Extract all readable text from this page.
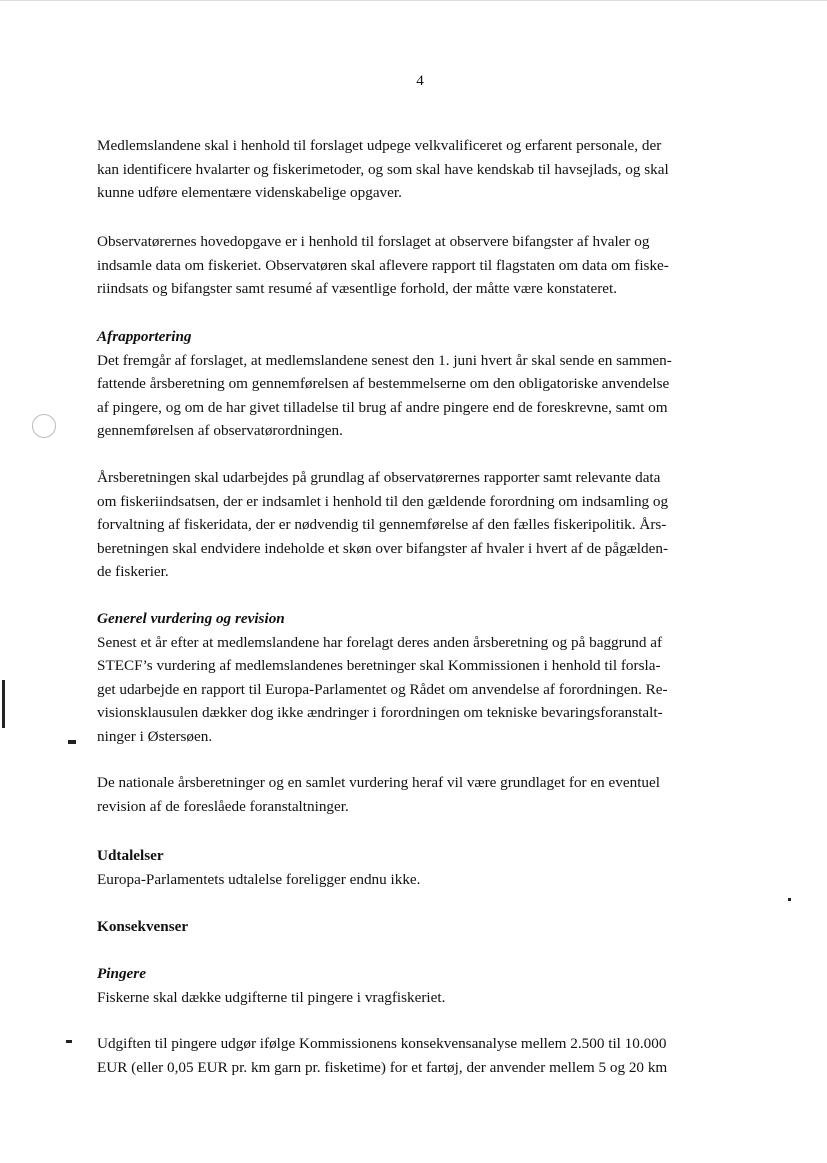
4
Medlemslandene skal i henhold til forslaget udpege velkvalificeret og erfarent personale, der
kan identificere hvalarter og fiskerimetoder, og som skal have kendskab til havsejlads, og skal
kunne udføre elementære videnskabelige opgaver.
Observatørernes hovedopgave er i henhold til forslaget at observere bifangster af hvaler og
indsamle data om fiskeriet. Observatøren skal aflevere rapport til flagstaten om data om fiske-
riindsats og bifangster samt resumé af væsentlige forhold, der måtte være konstateret.
Afrapportering
Det fremgår af forslaget, at medlemslandene senest den 1. juni hvert år skal sende en sammen-
fattende årsberetning om gennemførelsen af bestemmelserne om den obligatoriske anvendelse
af pingere, og om de har givet tilladelse til brug af andre pingere end de foreskrevne, samt om
gennemførelsen af observatørordningen.
Årsberetningen skal udarbejdes på grundlag af observatørernes rapporter samt relevante data
om fiskeriindsatsen, der er indsamlet i henhold til den gældende forordning om indsamling og
forvaltning af fiskeridata, der er nødvendig til gennemførelse af den fælles fiskeripolitik. Års-
beretningen skal endvidere indeholde et skøn over bifangster af hvaler i hvert af de pågælden-
de fiskerier.
Generel vurdering og revision
Senest et år efter at medlemslandene har forelagt deres anden årsberetning og på baggrund af
STECF’s vurdering af medlemslandenes beretninger skal Kommissionen i henhold til forsla-
get udarbejde en rapport til Europa-Parlamentet og Rådet om anvendelse af forordningen. Re-
visionsklausulen dækker dog ikke ændringer i forordningen om tekniske bevaringsforanstalt-
ninger i Østersøen.
De nationale årsberetninger og en samlet vurdering heraf vil være grundlaget for en eventuel
revision af de foreslåede foranstaltninger.
Udtalelser
Europa-Parlamentets udtalelse foreligger endnu ikke.
Konsekvenser
Pingere
Fiskerne skal dække udgifterne til pingere i vragfiskeriet.
Udgiften til pingere udgør ifølge Kommissionens konsekvensanalyse mellem 2.500 til 10.000
EUR (eller 0,05 EUR pr. km garn pr. fisketime) for et fartøj, der anvender mellem 5 og 20 km
